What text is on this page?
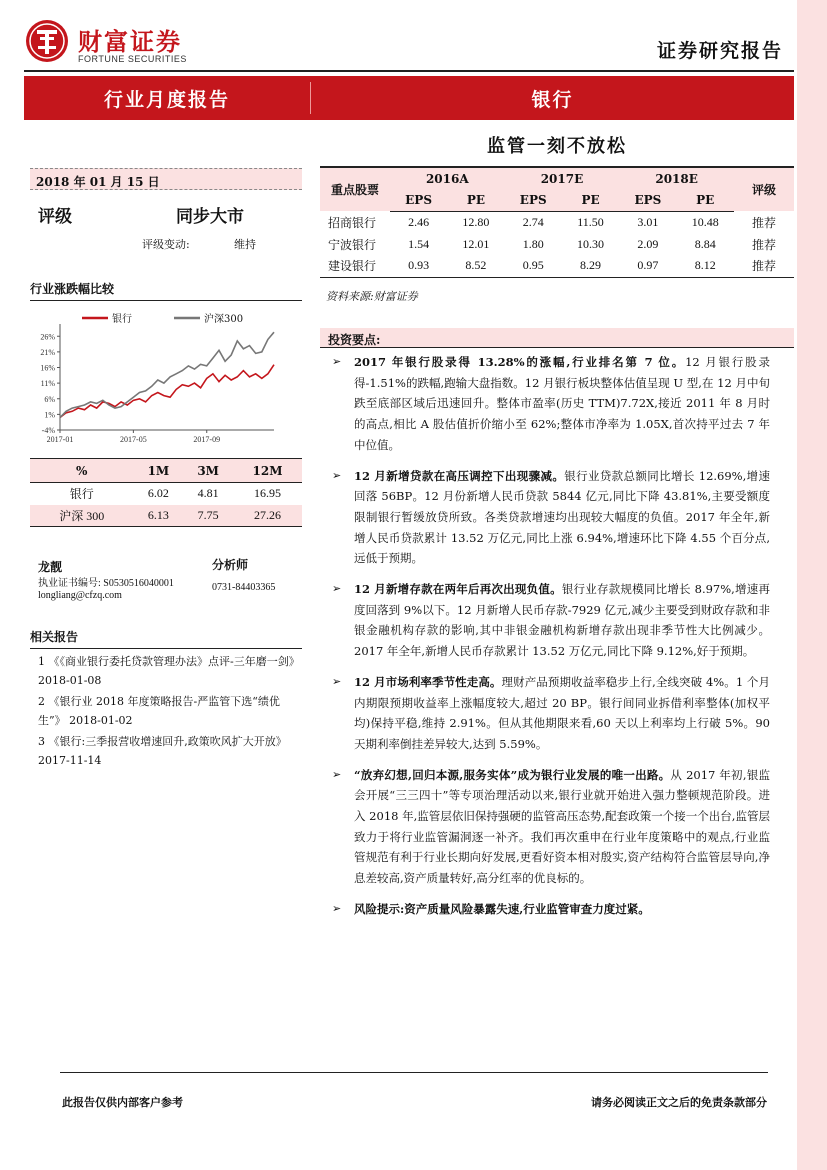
财富证券
FORTUNE SECURITIES	证券研究报告
行业月度报告	银行
监管一刻不放松
2018 年 01 月 15 日
评级	同步大市
评级变动:	维持
行业涨跌幅比较
26%
21%
16%
11%
6%
1%
-4%
2017-01	2017-05	2017-09
银行	沪深300
%	1M	3M	12M
银行	6.02	4.81	16.95
沪深 300	6.13	7.75	27.26
龙靓	分析师
执业证书编号: S0530516040001
longliang@cfzq.com
0731-84403365
相关报告
1 《《商业银行委托贷款管理办法》点评-三年磨一剑》 2018-01-08
2 《银行业 2018 年度策略报告-严监管下选“绩优生”》 2018-01-02
3 《银行:三季报营收增速回升,政策吹风扩大开放》 2017-11-14
重点股票	2016A		2017E		2018E		评级
	EPS	PE	EPS	PE	EPS	PE	
招商银行	2.46	12.80	2.74	11.50	3.01	10.48	推荐
宁波银行	1.54	12.01	1.80	10.30	2.09	8.84	推荐
建设银行	0.93	8.52	0.95	8.29	0.97	8.12	推荐
资料来源:财富证券
投资要点:
➢ 2017 年银行股录得 13.28%的涨幅,行业排名第 7 位。12 月银行股录得-1.51%的跌幅,跑输大盘指数。12 月银行板块整体估值呈现 U 型,在 12 月中旬跌至底部区域后迅速回升。整体市盈率(历史 TTM)7.72X,接近 2011 年 8 月时的高点,相比 A 股估值折价缩小至 62%;整体市净率为 1.05X,首次持平过去 7 年中位值。
➢ 12 月新增贷款在高压调控下出现骤减。银行业贷款总额同比增长 12.69%,增速回落 56BP。12 月份新增人民币贷款 5844 亿元,同比下降 43.81%,主要受额度限制银行暂缓放贷所致。各类贷款增速均出现较大幅度的负值。2017 年全年,新增人民币贷款累计 13.52 万亿元,同比上涨 6.94%,增速环比下降 4.55 个百分点,远低于预期。
➢ 12 月新增存款在两年后再次出现负值。银行业存款规模同比增长 8.97%,增速再度回落到 9%以下。12 月新增人民币存款-7929 亿元,减少主要受到财政存款和非银金融机构存款的影响,其中非银金融机构新增存款出现非季节性大比例减少。2017 年全年,新增人民币存款累计 13.52 万亿元,同比下降 9.12%,好于预期。
➢ 12 月市场利率季节性走高。理财产品预期收益率稳步上行,全线突破 4%。1 个月内期限预期收益率上涨幅度较大,超过 20 BP。银行间同业拆借利率整体(加权平均)保持平稳,维持 2.91%。但从其他期限来看,60 天以上利率均上行破 5%。90 天期利率倒挂差异较大,达到 5.59%。
➢ “放弃幻想,回归本源,服务实体”成为银行业发展的唯一出路。从 2017 年初,银监会开展“三三四十”等专项治理活动以来,银行业就开始进入强力整顿规范阶段。进入 2018 年,监管层依旧保持强硬的监管高压态势,配套政策一个接一个出台,监管层致力于将行业监管漏洞逐一补齐。我们再次重申在行业年度策略中的观点,行业监管规范有利于行业长期向好发展,更看好资本相对殷实,资产结构符合监管层导向,净息差较高,资产质量转好,高分红率的优良标的。
➢ 风险提示:资产质量风险暴露失速,行业监管审查力度过紧。
此报告仅供内部客户参考	请务必阅读正文之后的免责条款部分
